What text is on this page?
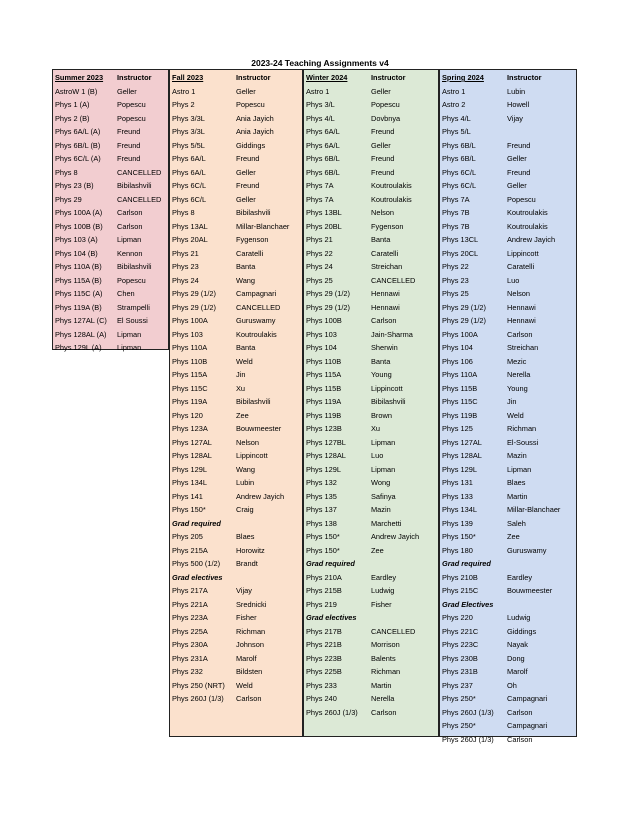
2023-24 Teaching Assignments v4
Summer 2023 Instructor
AstroW 1 (B)	Geller
Phys 1 (A)	Popescu
Phys 2 (B)	Popescu
Phys 6A/L (A) Freund
Phys 6B/L (B) Freund
Phys 6C/L (A) Freund
Phys 8	CANCELLED
Phys 23 (B)	Bibilashvili
Phys 29	CANCELLED
Phys 100A (A) Carlson
Phys 100B (B) Carlson
Phys 103 (A)	Lipman
Phys 104 (B)	Kennon
Phys 110A (B) Bibilashvili
Phys 115A (B) Popescu
Phys 115C (A) Chen
Phys 119A (B) Strampelli
Phys 127AL (C) El Soussi
Phys 128AL (A) Lipman
Phys 129L (A) Lipman
Fall 2023	Instructor
Astro 1	Geller
Phys 2	Popescu
Phys 3/3L	Ania Jayich
Phys 3/3L	Ania Jayich
Phys 5/5L	Giddings
Phys 6A/L	Freund
Phys 6A/L	Geller
Phys 6C/L	Freund
Phys 6C/L	Geller
Phys 8	Bibilashvili
Phys 13AL	Millar-Blanchaer
Phys 20AL	Fygenson
Phys 21	Caratelli
Phys 23	Banta
Phys 24	Wang
Phys 29 (1/2)	Campagnari
Phys 29 (1/2)	CANCELLED
Phys 100A	Guruswamy
Phys 103	Koutroulakis
Phys 110A	Banta
Phys 110B	Weld
Phys 115A	Jin
Phys 115C	Xu
Phys 119A	Bibilashvili
Phys 120	Zee
Phys 123A	Bouwmeester
Phys 127AL	Nelson
Phys 128AL	Lippincott
Phys 129L	Wang
Phys 134L	Lubin
Phys 141	Andrew Jayich
Phys 150*	Craig
Grad required
Phys 205	Blaes
Phys 215A	Horowitz
Phys 500 (1/2) Brandt
Grad electives
Phys 217A	Vijay
Phys 221A	Srednicki
Phys 223A	Fisher
Phys 225A	Richman
Phys 230A	Johnson
Phys 231A	Marolf
Phys 232	Bildsten
Phys 250 (NRT) Weld
Phys 260J (1/3) Carlson
Winter 2024	Instructor
Astro 1	Geller
Phys 3/L	Popescu
Phys 4/L	Dovbnya
Phys 6A/L	Freund
Phys 6A/L	Geller
Phys 6B/L	Freund
Phys 6B/L	Freund
Phys 7A	Koutroulakis
Phys 7A	Koutroulakis
Phys 13BL	Nelson
Phys 20BL	Fygenson
Phys 21	Banta
Phys 22	Caratelli
Phys 24	Streichan
Phys 25	CANCELLED
Phys 29 (1/2)	Hennawi
Phys 29 (1/2)	Hennawi
Phys 100B	Carlson
Phys 103	Jain-Sharma
Phys 104	Sherwin
Phys 110B	Banta
Phys 115A	Young
Phys 115B	Lippincott
Phys 119A	Bibilashvili
Phys 119B	Brown
Phys 123B	Xu
Phys 127BL	Lipman
Phys 128AL	Luo
Phys 129L	Lipman
Phys 132	Wong
Phys 135	Safinya
Phys 137	Mazin
Phys 138	Marchetti
Phys 150*	Andrew Jayich
Phys 150*	Zee
Grad required
Phys 210A	Eardley
Phys 215B	Ludwig
Phys 219	Fisher
Grad electives
Phys 217B	CANCELLED
Phys 221B	Morrison
Phys 223B	Balents
Phys 225B	Richman
Phys 233	Martin
Phys 240	Nerella
Phys 260J (1/3) Carlson
Spring 2024	Instructor
Astro 1	Lubin
Astro 2	Howell
Phys 4/L	Vijay
Phys 5/L
Phys 6B/L	Freund
Phys 6B/L	Geller
Phys 6C/L	Freund
Phys 6C/L	Geller
Phys 7A	Popescu
Phys 7B	Koutroulakis
Phys 7B	Koutroulakis
Phys 13CL	Andrew Jayich
Phys 20CL	Lippincott
Phys 22	Caratelli
Phys 23	Luo
Phys 25	Nelson
Phys 29 (1/2)	Hennawi
Phys 29 (1/2)	Hennawi
Phys 100A	Carlson
Phys 104	Streichan
Phys 106	Mezic
Phys 110A	Nerella
Phys 115B	Young
Phys 115C	Jin
Phys 119B	Weld
Phys 125	Richman
Phys 127AL	El-Soussi
Phys 128AL	Mazin
Phys 129L	Lipman
Phys 131	Blaes
Phys 133	Martin
Phys 134L	Millar-Blanchaer
Phys 139	Saleh
Phys 150*	Zee
Phys 180	Guruswamy
Grad required
Phys 210B	Eardley
Phys 215C	Bouwmeester
Grad Electives
Phys 220	Ludwig
Phys 221C	Giddings
Phys 223C	Nayak
Phys 230B	Dong
Phys 231B	Marolf
Phys 237	Oh
Phys 250*	Campagnari
Phys 260J (1/3) Carlson
Phys 250*	Campagnari
Phys 260J (1/3) Carlson
